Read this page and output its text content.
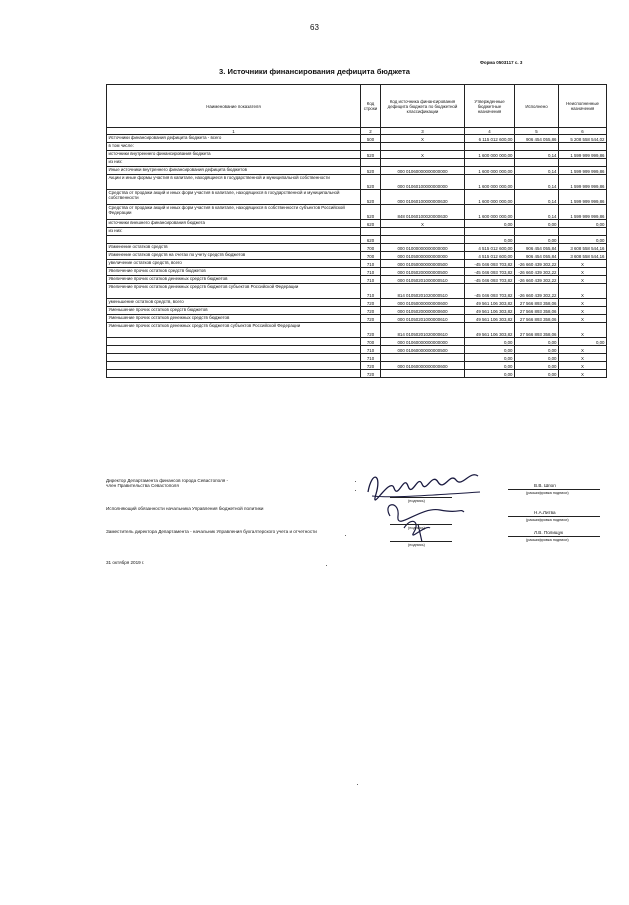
63
3. Источники финансирования дефицита бюджета
Форма 0503117 с. 3
Наименование показателя	Код строки	Код источника финансирования дефицита бюджета по бюджетной классификации	Утвержденные бюджетные назначения	Исполнено	Неисполненные назначения
1	2	3	4	5	6
Источники финансирования дефицита бюджета - всего	500	X	6 115 012 600,00	906 454 055,86	5 208 558 544,02
в том числе:					
источники внутреннего финансирования бюджета	520	X	1 600 000 000,00	0,14	1 599 999 999,86
из них:					
Иные источники внутреннего финансирования дефицита бюджетов	520	000 01060000000000000	1 600 000 000,00	0,14	1 599 999 999,86
Акции и иные формы участия в капитале, находящиеся в государственной и муниципальной собственности	520	000 01060100000000000	1 600 000 000,00	0,14	1 599 999 999,86
Средства от продажи акций и иных форм участия в капитале, находящихся в государственной и муниципальной собственности	520	000 01060100000000630	1 600 000 000,00	0,14	1 599 999 999,86
Средства от продажи акций и иных форм участия в капитале, находящихся в собственности субъектов Российской Федерации	520	848 01060100020000630	1 600 000 000,00	0,14	1 599 999 999,86
источники внешнего финансирования бюджета	620	X	0,00	0,00	0,00
из них:					
	620		0,00	0,00	0,00
Изменение остатков средств	700	000 01000000000000000	4 515 012 600,00	906 454 055,84	3 608 558 544,16
Изменение остатков средств на счетах по учету средств бюджетов	700	000 01050000000000000	4 515 012 600,00	906 454 055,84	3 608 558 544,16
увеличение остатков средств, всего	710	000 01050000000000500	-45 046 093 703,82	-26 660 439 302,22	X
Увеличение прочих остатков средств бюджетов	710	000 01050200000000500	-45 046 093 703,82	-26 660 439 302,22	X
Увеличение прочих остатков денежных средств бюджетов	710	000 01050201000000510	-45 046 093 703,82	-26 660 439 302,22	X
Увеличение прочих остатков денежных средств бюджетов субъектов Российской Федерации	710	814 01050201020000510	-45 046 093 703,82	-26 660 439 302,22	X
уменьшение остатков средств, всего	720	000 01050000000000600	49 561 106 303,82	27 566 893 358,06	X
Уменьшение прочих остатков средств бюджетов	720	000 01050200000000600	49 561 106 303,82	27 566 893 358,06	X
Уменьшение прочих остатков денежных средств бюджетов	720	000 01050201000000610	49 561 106 303,82	27 566 893 358,06	X
Уменьшение прочих остатков денежных средств бюджетов субъектов Российской Федерации	720	814 01050201020000610	49 561 106 303,82	27 566 893 358,06	X
	700	000 01060000000000000	0,00	0,00	0,00
	710	000 01060000000000500	0,00	0,00	X
	710		0,00	0,00	X
	720	000 01060000000000600	0,00	0,00	X
	720		0,00	0,00	X
Директор Департамента финансов города Севастополя -
член Правительства Севастополя
(подпись)
В.В. Шпоп
(расшифровка подписи)
Исполняющий обязанности начальника Управления бюджетной политики
(подпись)
Н.А.Литва
(расшифровка подписи)
Заместитель директора Департамента - начальник Управления бухгалтерского учета и отчетности
(подпись)
Л.В. Полищук
(расшифровка подписи)
31 октября 2019 г.
